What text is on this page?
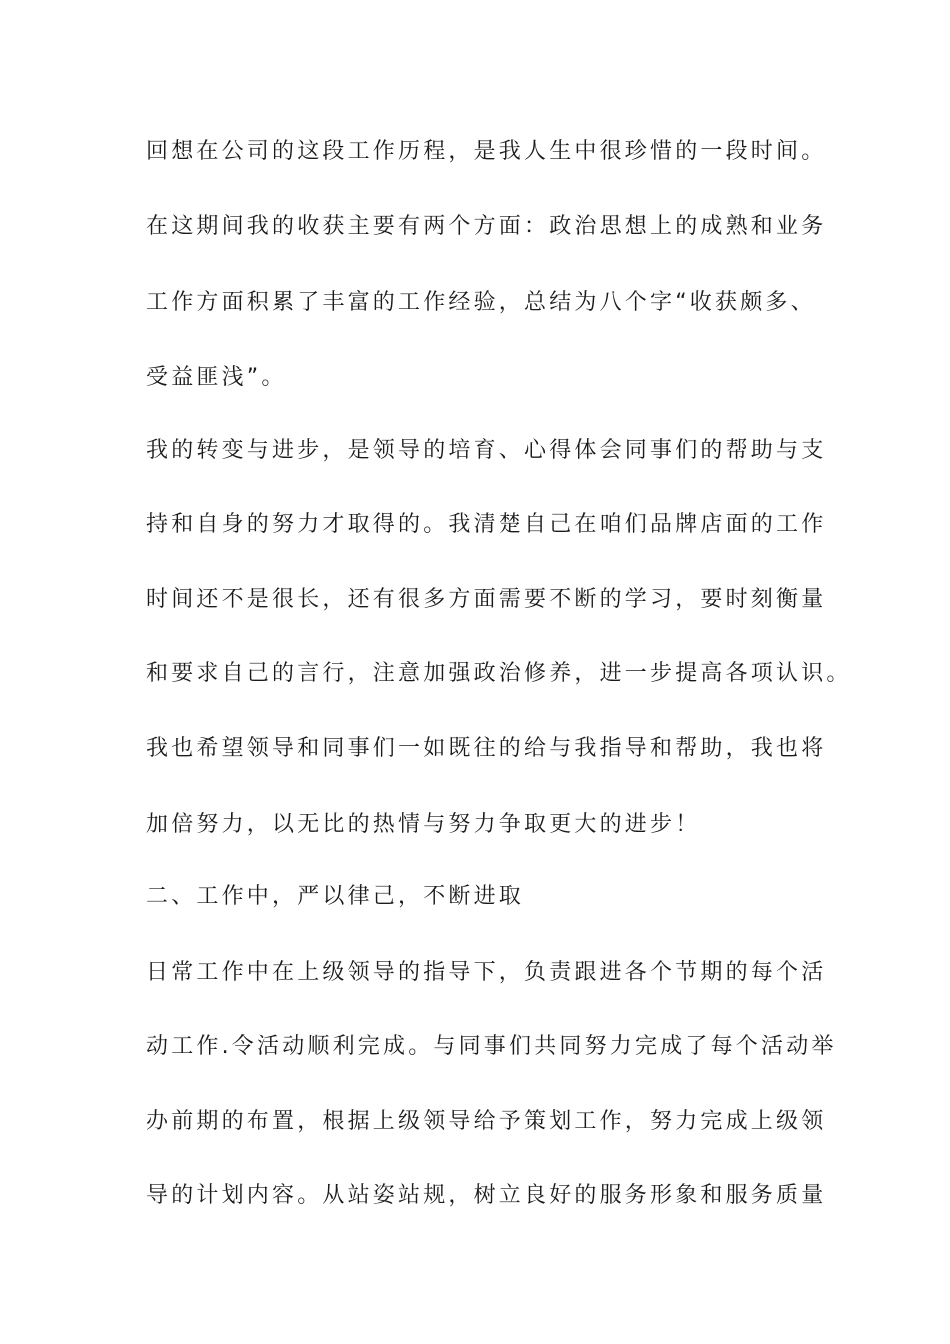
回想在公司的这段工作历程，是我人生中很珍惜的一段时间。
在这期间我的收获主要有两个方面：政治思想上的成熟和业务
工作方面积累了丰富的工作经验，总结为八个字“收获颇多、
受益匪浅”。
我的转变与进步，是领导的培育、心得体会同事们的帮助与支
持和自身的努力才取得的。我清楚自己在咱们品牌店面的工作
时间还不是很长，还有很多方面需要不断的学习，要时刻衡量
和要求自己的言行，注意加强政治修养，进一步提高各项认识。
我也希望领导和同事们一如既往的给与我指导和帮助，我也将
加倍努力，以无比的热情与努力争取更大的进步！
二、工作中，严以律己，不断进取
日常工作中在上级领导的指导下，负责跟进各个节期的每个活
动工作.令活动顺利完成。与同事们共同努力完成了每个活动举
办前期的布置，根据上级领导给予策划工作，努力完成上级领
导的计划内容。从站姿站规，树立良好的服务形象和服务质量
